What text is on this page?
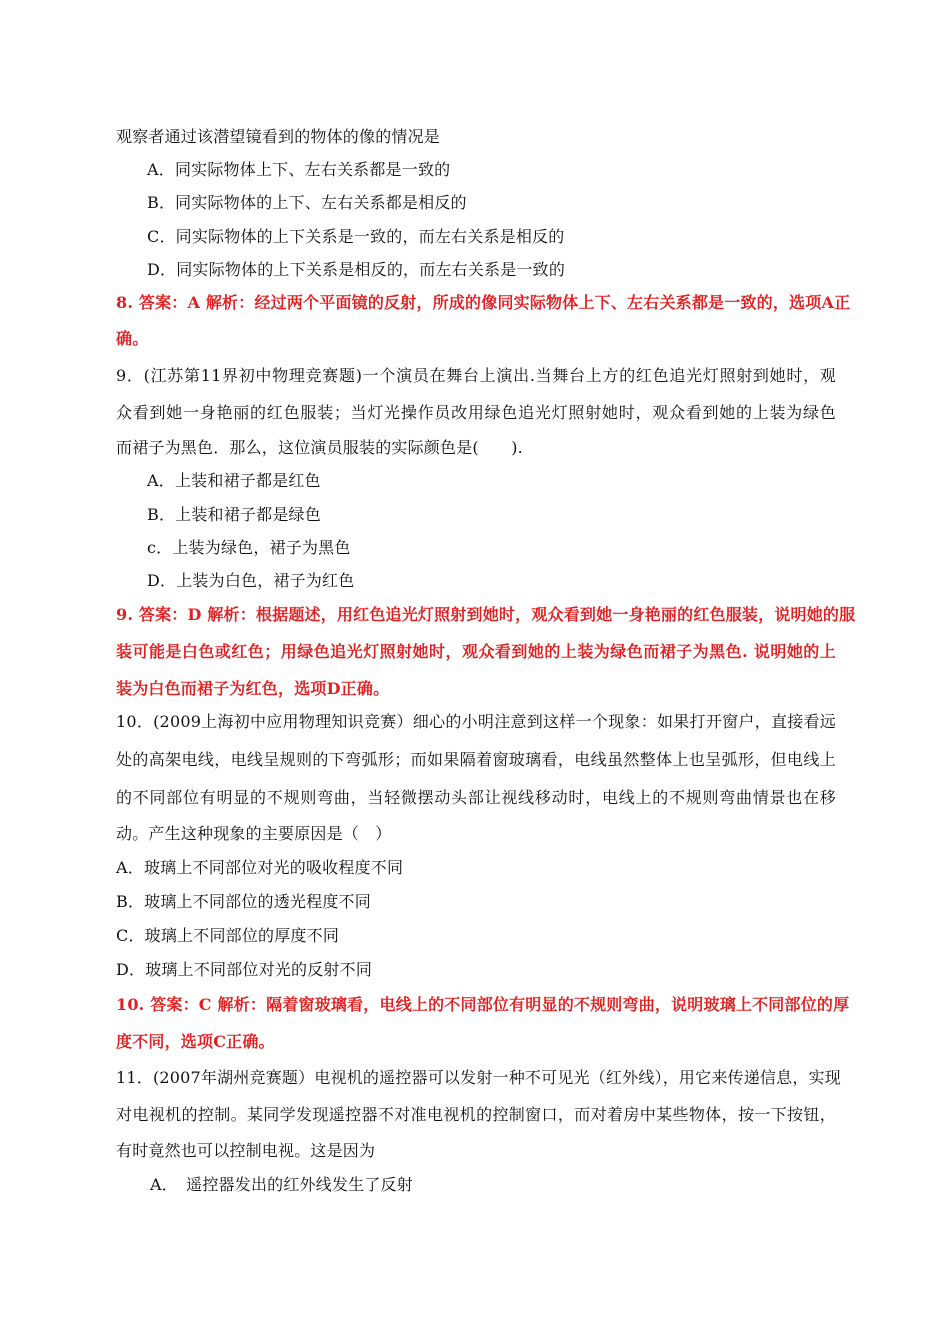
观察者通过该潜望镜看到的物体的像的情况是
A．同实际物体上下、左右关系都是一致的
B．同实际物体的上下、左右关系都是相反的
C．同实际物体的上下关系是一致的，而左右关系是相反的
D．同实际物体的上下关系是相反的，而左右关系是一致的
8. 答案：A 解析：经过两个平面镜的反射，所成的像同实际物体上下、左右关系都是一致的，选项A正
确。
9．(江苏第11界初中物理竞赛题)一个演员在舞台上演出.当舞台上方的红色追光灯照射到她时，观
众看到她一身艳丽的红色服装；当灯光操作员改用绿色追光灯照射她时，观众看到她的上装为绿色
而裙子为黑色．那么，这位演员服装的实际颜色是(　　).
A．上装和裙子都是红色
B．上装和裙子都是绿色
c．上装为绿色，裙子为黑色
D．上装为白色，裙子为红色
9. 答案：D 解析：根据题述，用红色追光灯照射到她时，观众看到她一身艳丽的红色服装，说明她的服
装可能是白色或红色；用绿色追光灯照射她时，观众看到她的上装为绿色而裙子为黑色. 说明她的上
装为白色而裙子为红色，选项D正确。
10．(2009上海初中应用物理知识竞赛）细心的小明注意到这样一个现象：如果打开窗户，直接看远
处的高架电线，电线呈规则的下弯弧形；而如果隔着窗玻璃看，电线虽然整体上也呈弧形，但电线上
的不同部位有明显的不规则弯曲，当轻微摆动头部让视线移动时，电线上的不规则弯曲情景也在移
动。产生这种现象的主要原因是（　）
A．玻璃上不同部位对光的吸收程度不同
B．玻璃上不同部位的透光程度不同
C．玻璃上不同部位的厚度不同
D．玻璃上不同部位对光的反射不同
10. 答案：C 解析：隔着窗玻璃看，电线上的不同部位有明显的不规则弯曲，说明玻璃上不同部位的厚
度不同，选项C正确。
11．(2007年湖州竞赛题）电视机的遥控器可以发射一种不可见光（红外线），用它来传递信息，实现
对电视机的控制。某同学发现遥控器不对准电视机的控制窗口，而对着房中某些物体，按一下按钮，
有时竟然也可以控制电视。这是因为
A．　遥控器发出的红外线发生了反射
